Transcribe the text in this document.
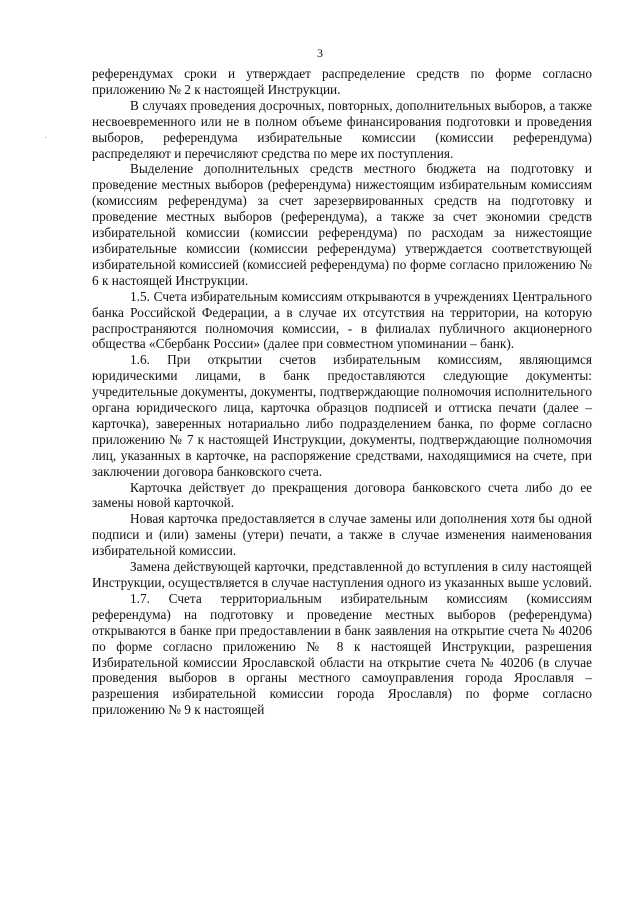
3
·

референдумах сроки и утверждает распределение средств по форме согласно приложению № 2 к настоящей Инструкции.

В случаях проведения досрочных, повторных, дополнительных выборов, а также несвоевременного или не в полном объеме финансирования подготовки и проведения выборов, референдума избирательные комиссии (комиссии референдума) распределяют и перечисляют средства по мере их поступления.

Выделение дополнительных средств местного бюджета на подготовку и проведение местных выборов (референдума) нижестоящим избирательным комиссиям (комиссиям референдума) за счет зарезервированных средств на подготовку и проведение местных выборов (референдума), а также за счет экономии средств избирательной комиссии (комиссии референдума) по расходам за нижестоящие избирательные комиссии (комиссии референдума) утверждается соответствующей избирательной комиссией (комиссией референдума) по форме согласно приложению № 6 к настоящей Инструкции.

1.5. Счета избирательным комиссиям открываются в учреждениях Центрального банка Российской Федерации, а в случае их отсутствия на территории, на которую распространяются полномочия комиссии, - в филиалах публичного акционерного общества «Сбербанк России» (далее при совместном упоминании – банк).

1.6. При открытии счетов избирательным комиссиям, являющимся юридическими лицами, в банк предоставляются следующие документы: учредительные документы, документы, подтверждающие полномочия исполнительного органа юридического лица, карточка образцов подписей и оттиска печати (далее – карточка), заверенных нотариально либо подразделением банка, по форме согласно приложению № 7 к настоящей Инструкции, документы, подтверждающие полномочия лиц, указанных в карточке, на распоряжение средствами, находящимися на счете, при заключении договора банковского счета.

Карточка действует до прекращения договора банковского счета либо до ее замены новой карточкой.

Новая карточка предоставляется в случае замены или дополнения хотя бы одной подписи и (или) замены (утери) печати, а также в случае изменения наименования избирательной комиссии.

Замена действующей карточки, представленной до вступления в силу настоящей Инструкции, осуществляется в случае наступления одного из указанных выше условий.

1.7. Счета территориальным избирательным комиссиям (комиссиям референдума) на подготовку и проведение местных выборов (референдума) открываются в банке при предоставлении в банк заявления на открытие счета № 40206 по форме согласно приложению № 8 к настоящей Инструкции, разрешения Избирательной комиссии Ярославской области на открытие счета № 40206 (в случае проведения выборов в органы местного самоуправления города Ярославля – разрешения избирательной комиссии города Ярославля) по форме согласно приложению № 9 к настоящей
